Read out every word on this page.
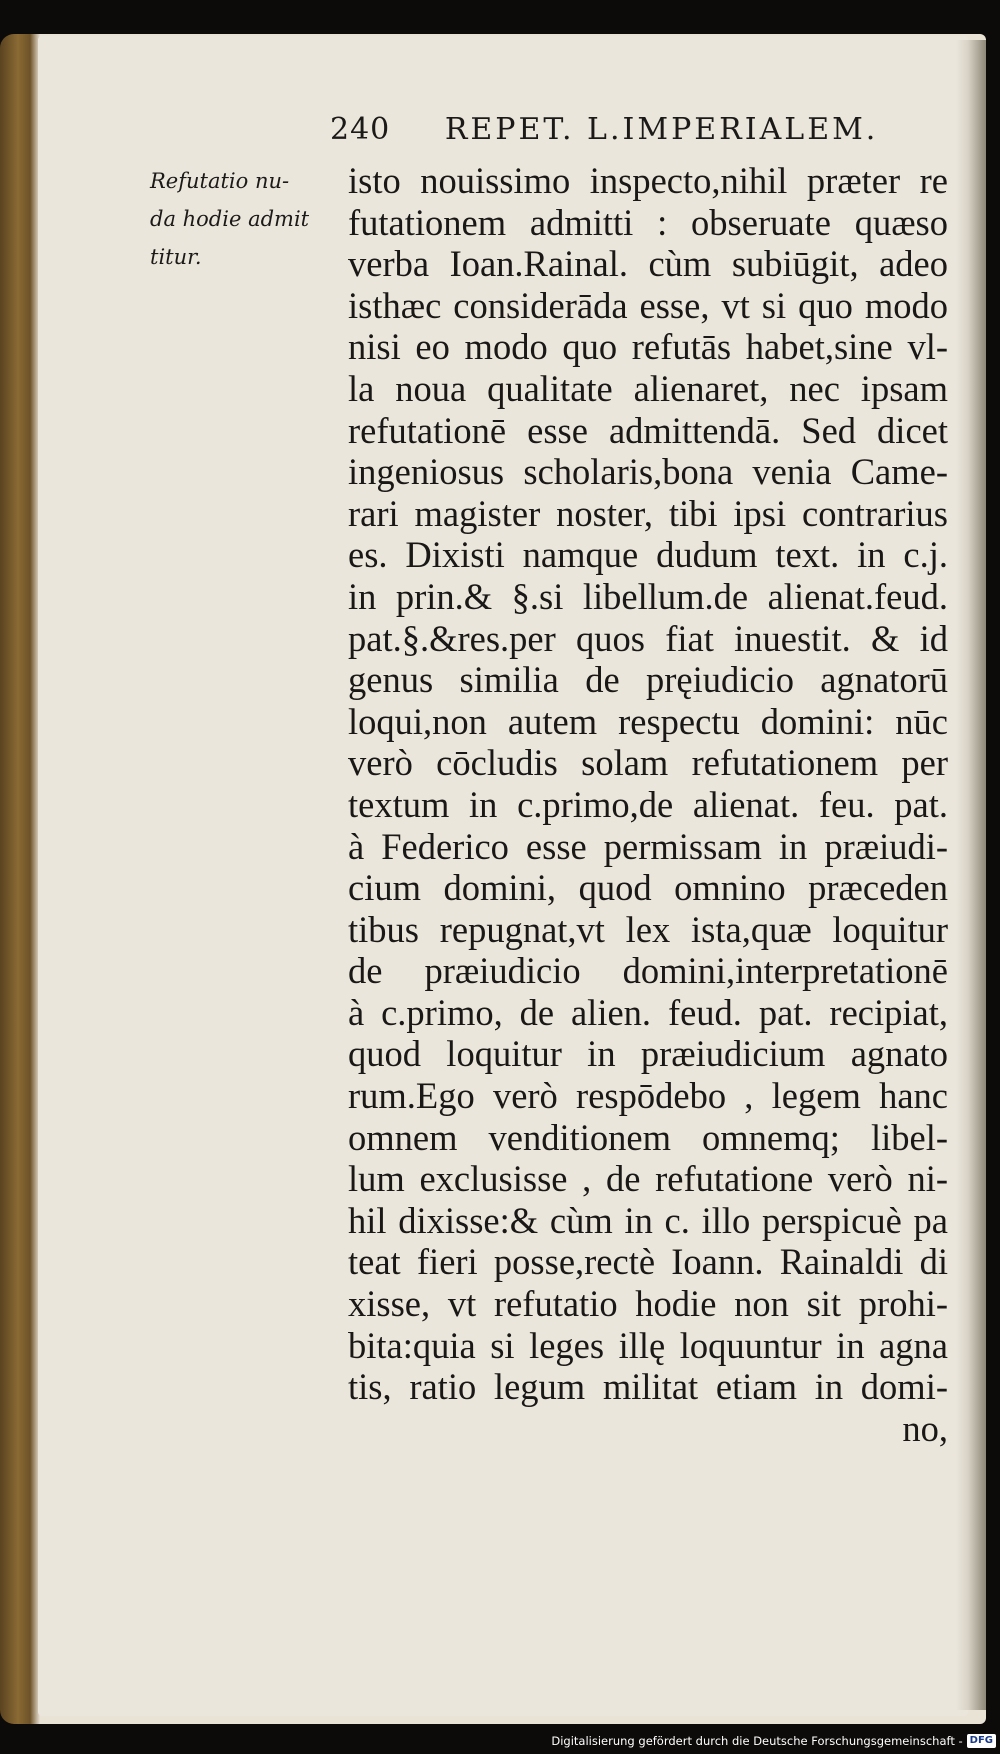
240 REPET. L.IMPERIALEM.
Refutatio nu-
da hodie admit
titur.
isto nouissimo inspecto,nihil præter re
futationem admitti : obseruate quæso
verba Ioan.Rainal. cùm subiūgit, adeo
isthæc considerāda esse, vt si quo modo
nisi eo modo quo refutās habet,sine vl-
la noua qualitate alienaret, nec ipsam
refutationē esse admittendā. Sed dicet
ingeniosus scholaris,bona venia Came-
rari magister noster, tibi ipsi contrarius
es. Dixisti namque dudum text. in c.j.
in prin.& §.si libellum.de alienat.feud.
pat.§.&res.per quos fiat inuestit. & id
genus similia de pręiudicio agnatorū
loqui,non autem respectu domini: nūc
verò cōcludis solam refutationem per
textum in c.primo,de alienat. feu. pat.
à Federico esse permissam in præiudi-
cium domini, quod omnino præceden
tibus repugnat,vt lex ista,quæ loquitur
de præiudicio domini,interpretationē
à c.primo, de alien. feud. pat. recipiat,
quod loquitur in præiudicium agnato
rum.Ego verò respōdebo , legem hanc
omnem venditionem omnemq; libel-
lum exclusisse , de refutatione verò ni-
hil dixisse:& cùm in c. illo perspicuè pa
teat fieri posse,rectè Ioann. Rainaldi di
xisse, vt refutatio hodie non sit prohi-
bita:quia si leges illę loquuntur in agna
tis, ratio legum militat etiam in domi-
no,
Digitalisierung gefördert durch die Deutsche Forschungsgemeinschaft - DFG
